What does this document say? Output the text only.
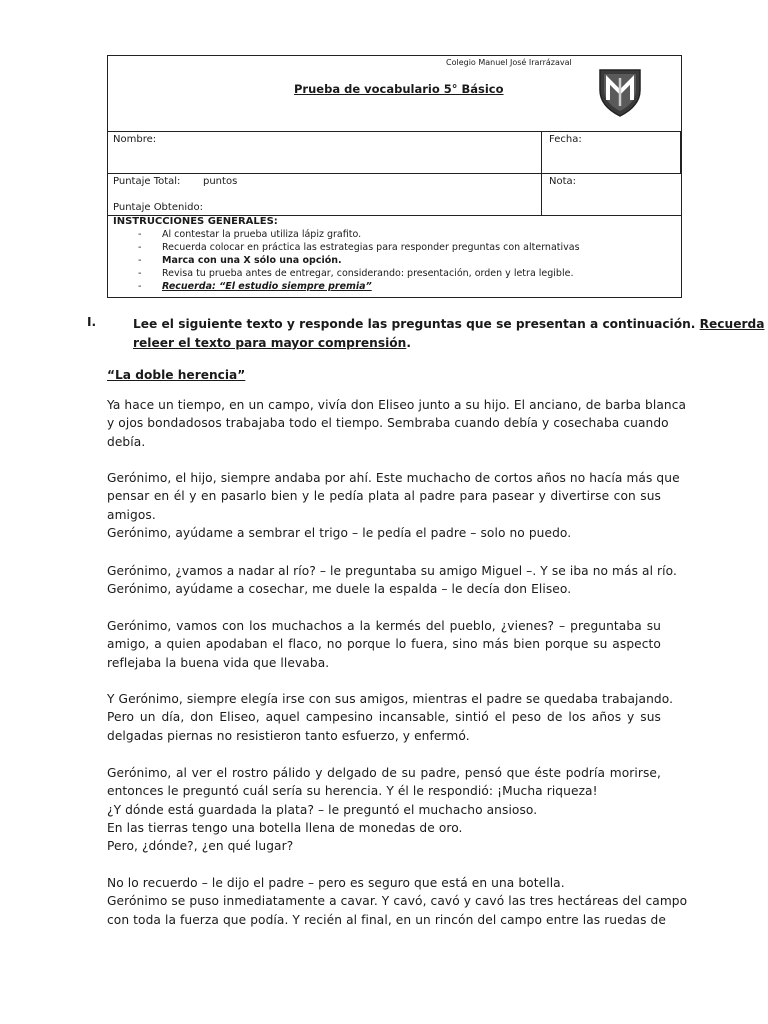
Colegio Manuel José Irarrázaval
Prueba de vocabulario 5° Básico
Nombre:	Fecha:
Puntaje Total: puntos	Nota:
Puntaje Obtenido:
INSTRUCCIONES GENERALES:
- Al contestar la prueba utiliza lápiz grafito.
- Recuerda colocar en práctica las estrategias para responder preguntas con alternativas
- Marca con una X sólo una opción.
- Revisa tu prueba antes de entregar, considerando: presentación, orden y letra legible.
- Recuerda: “El estudio siempre premia”
I.	Lee el siguiente texto y responde las preguntas que se presentan a continuación. Recuerda
releer el texto para mayor comprensión.
“La doble herencia”
Ya hace un tiempo, en un campo, vivía don Eliseo junto a su hijo. El anciano, de barba blanca
y ojos bondadosos trabajaba todo el tiempo. Sembraba cuando debía y cosechaba cuando
debía.
Gerónimo, el hijo, siempre andaba por ahí. Este muchacho de cortos años no hacía más que
pensar en él y en pasarlo bien y le pedía plata al padre para pasear y divertirse con sus
amigos.
Gerónimo, ayúdame a sembrar el trigo – le pedía el padre – solo no puedo.
Gerónimo, ¿vamos a nadar al río? – le preguntaba su amigo Miguel –. Y se iba no más al río.
Gerónimo, ayúdame a cosechar, me duele la espalda – le decía don Eliseo.
Gerónimo, vamos con los muchachos a la kermés del pueblo, ¿vienes? – preguntaba su
amigo, a quien apodaban el flaco, no porque lo fuera, sino más bien porque su aspecto
reflejaba la buena vida que llevaba.
Y Gerónimo, siempre elegía irse con sus amigos, mientras el padre se quedaba trabajando.
Pero un día, don Eliseo, aquel campesino incansable, sintió el peso de los años y sus
delgadas piernas no resistieron tanto esfuerzo, y enfermó.
Gerónimo, al ver el rostro pálido y delgado de su padre, pensó que éste podría morirse,
entonces le preguntó cuál sería su herencia. Y él le respondió: ¡Mucha riqueza!
¿Y dónde está guardada la plata? – le preguntó el muchacho ansioso.
En las tierras tengo una botella llena de monedas de oro.
Pero, ¿dónde?, ¿en qué lugar?
No lo recuerdo – le dijo el padre – pero es seguro que está en una botella.
Gerónimo se puso inmediatamente a cavar. Y cavó, cavó y cavó las tres hectáreas del campo
con toda la fuerza que podía. Y recién al final, en un rincón del campo entre las ruedas de
